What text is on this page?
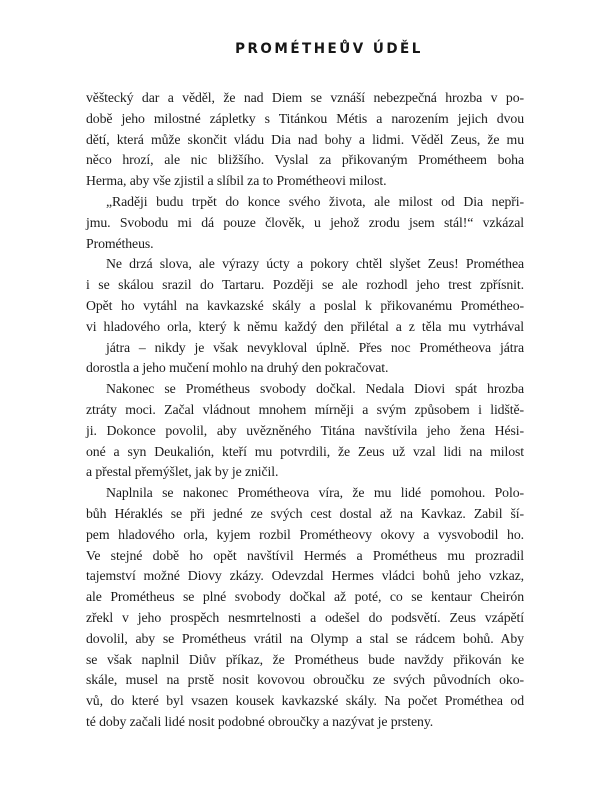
PROMÉTHEŮV ÚDĚL
věštecký dar a věděl, že nad Diem se vznáší nebezpečná hrozba v po-
době jeho milostné zápletky s Titánkou Métis a narozením jejich dvou
dětí, která může skončit vládu Dia nad bohy a lidmi. Věděl Zeus, že mu
něco hrozí, ale nic bližšího. Vyslal za přikovaným Prométheem boha
Herma, aby vše zjistil a slíbil za to Prométheovi milost.
„Raději budu trpět do konce svého života, ale milost od Dia nepři-
jmu. Svobodu mi dá pouze člověk, u jehož zrodu jsem stál!“ vzkázal
Prométheus.
Ne drzá slova, ale výrazy úcty a pokory chtěl slyšet Zeus! Prométhea
i se skálou srazil do Tartaru. Později se ale rozhodl jeho trest zpřísnit.
Opět ho vytáhl na kavkazské skály a poslal k přikovanému Prométheo-
vi hladového orla, který k němu každý den přilétal a z těla mu vytrhával
játra – nikdy je však nevykloval úplně. Přes noc Prométheova játra
dorostla a jeho mučení mohlo na druhý den pokračovat.
Nakonec se Prométheus svobody dočkal. Nedala Diovi spát hrozba
ztráty moci. Začal vládnout mnohem mírněji a svým způsobem i lidště-
ji. Dokonce povolil, aby uvězněného Titána navštívila jeho žena Hési-
oné a syn Deukalión, kteří mu potvrdili, že Zeus už vzal lidi na milost
a přestal přemýšlet, jak by je zničil.
Naplnila se nakonec Prométheova víra, že mu lidé pomohou. Polo-
bůh Héraklés se při jedné ze svých cest dostal až na Kavkaz. Zabil ší-
pem hladového orla, kyjem rozbil Prométheovy okovy a vysvobodil ho.
Ve stejné době ho opět navštívil Hermés a Prométheus mu prozradil
tajemství možné Diovy zkázy. Odevzdal Hermes vládci bohů jeho vzkaz,
ale Prométheus se plné svobody dočkal až poté, co se kentaur Cheirón
zřekl v jeho prospěch nesmrtelnosti a odešel do podsvětí. Zeus vzápětí
dovolil, aby se Prométheus vrátil na Olymp a stal se rádcem bohů. Aby
se však naplnil Diův příkaz, že Prométheus bude navždy přikován ke
skále, musel na prstě nosit kovovou obroučku ze svých původních oko-
vů, do které byl vsazen kousek kavkazské skály. Na počet Prométhea od
té doby začali lidé nosit podobné obroučky a nazývat je prsteny.
